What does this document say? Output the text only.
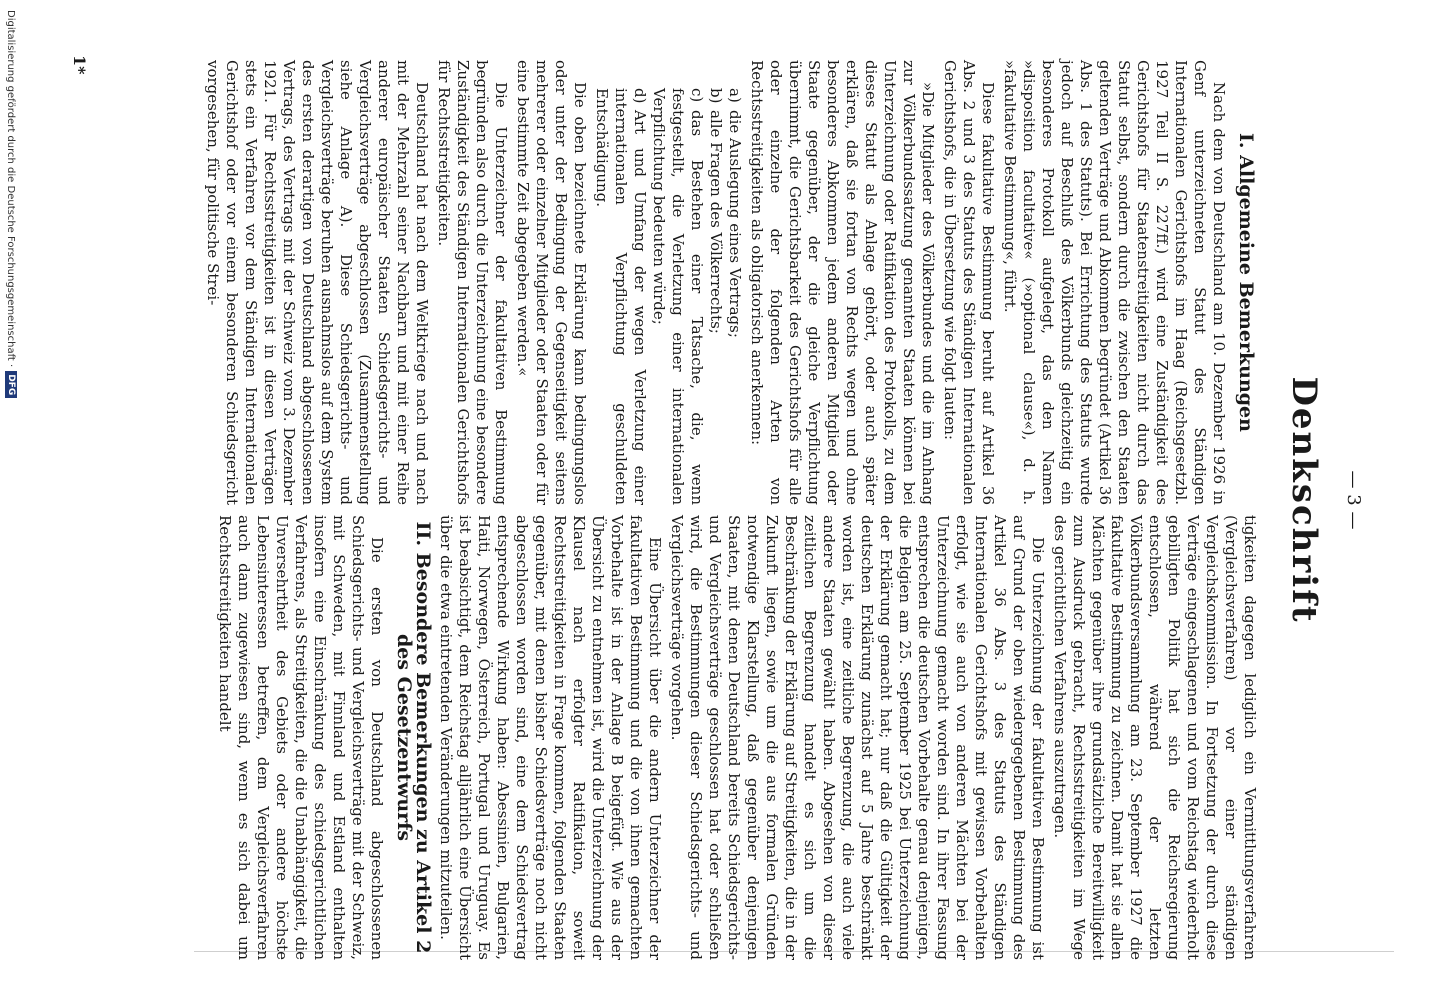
— 3 —
Denkschrift
I. Allgemeine Bemerkungen

Nach dem von Deutschland am 10. Dezember 1926 in Genf unterzeichneten Statut des Ständigen Internationalen Gerichtshofs im Haag (Reichsgesetzbl. 1927 Teil II S. 227ff.) wird eine Zuständigkeit des Gerichtshofs für Staatenstreitigkeiten nicht durch das Statut selbst, sondern durch die zwischen den Staaten geltenden Verträge und Abkommen begründet (Artikel 36 Abs. 1 des Statuts). Bei Errichtung des Statuts wurde jedoch auf Beschluß des Völkerbunds gleichzeitig ein besonderes Protokoll aufgelegt, das den Namen »disposition facultative« (»optional clause«), d. h. »fakultative Bestimmung«, führt.

Diese fakultative Bestimmung beruht auf Artikel 36 Abs. 2 und 3 des Statuts des Ständigen Internationalen Gerichtshofs, die in Übersetzung wie folgt lauten:

»Die Mitglieder des Völkerbundes und die im Anhang zur Völkerbundssatzung genannten Staaten können bei Unterzeichnung oder Ratifikation des Protokolls, zu dem dieses Statut als Anlage gehört, oder auch später erklären, daß sie fortan von Rechts wegen und ohne besonderes Abkommen jedem anderen Mitglied oder Staate gegenüber, der die gleiche Verpflichtung übernimmt, die Gerichtsbarkeit des Gerichtshofs für alle oder einzelne der folgenden Arten von Rechtsstreitigkeiten als obligatorisch anerkennen:

a)die Auslegung eines Vertrags;
b)alle Fragen des Völkerrechts;
c)das Bestehen einer Tatsache, die, wenn festgestellt, die Verletzung einer internationalen Verpflichtung bedeuten würde;
d)Art und Umfang der wegen Verletzung einer internationalen Verpflichtung geschuldeten Entschädigung.

Die oben bezeichnete Erklärung kann bedingungslos oder unter der Bedingung der Gegenseitigkeit seitens mehrerer oder einzelner Mitglieder oder Staaten oder für eine bestimmte Zeit abgegeben werden.«

Die Unterzeichner der fakultativen Bestimmung begründen also durch die Unterzeichnung eine besondere Zuständigkeit des Ständigen Internationalen Gerichtshofs für Rechtsstreitigkeiten.

Deutschland hat nach dem Weltkriege nach und nach mit der Mehrzahl seiner Nachbarn und mit einer Reihe anderer europäischer Staaten Schiedsgerichts- und Vergleichsverträge abgeschlossen (Zusammenstellung siehe Anlage A). Diese Schiedsgerichts- und Vergleichsverträge beruhen ausnahmslos auf dem System des ersten derartigen von Deutschland abgeschlossenen Vertrags, des Vertrags mit der Schweiz vom 3. Dezember 1921. Für Rechtsstreitigkeiten ist in diesen Verträgen stets ein Verfahren vor dem Ständigen Internationalen Gerichtshof oder vor einem besonderen Schiedsgericht vorgesehen, für politische Strei-

tigkeiten dagegen lediglich ein Vermittlungsverfahren (Vergleichsverfahren) vor einer ständigen Vergleichskommission. In Fortsetzung der durch diese Verträge eingeschlagenen und vom Reichstag wiederholt gebilligten Politik hat sich die Reichsregierung entschlossen, während der letzten Völkerbundsversammlung am 23. September 1927 die fakultative Bestimmung zu zeichnen. Damit hat sie allen Mächten gegenüber ihre grundsätzliche Bereitwilligkeit zum Ausdruck gebracht, Rechtsstreitigkeiten im Wege des gerichtlichen Verfahrens auszutragen.

Die Unterzeichnung der fakultativen Bestimmung ist auf Grund der oben wiedergegebenen Bestimmung des Artikel 36 Abs. 3 des Statuts des Ständigen Internationalen Gerichtshofs mit gewissen Vorbehalten erfolgt, wie sie auch von anderen Mächten bei der Unterzeichnung gemacht worden sind. In ihrer Fassung entsprechen die deutschen Vorbehalte genau denjenigen, die Belgien am 25. September 1925 bei Unterzeichnung der Erklärung gemacht hat; nur daß die Gültigkeit der deutschen Erklärung zunächst auf 5 Jahre beschränkt worden ist, eine zeitliche Begrenzung, die auch viele andere Staaten gewählt haben. Abgesehen von dieser zeitlichen Begrenzung handelt es sich um die Beschränkung der Erklärung auf Streitigkeiten, die in der Zukunft liegen, sowie um die aus formalen Gründen notwendige Klarstellung, daß gegenüber denjenigen Staaten, mit denen Deutschland bereits Schiedsgerichts- und Vergleichsverträge geschlossen hat oder schließen wird, die Bestimmungen dieser Schiedsgerichts- und Vergleichsverträge vorgehen.

Eine Übersicht über die andern Unterzeichner der fakultativen Bestimmung und die von ihnen gemachten Vorbehalte ist in der Anlage B beigefügt. Wie aus der Übersicht zu entnehmen ist, wird die Unterzeichnung der Klausel nach erfolgter Ratifikation, soweit Rechtsstreitigkeiten in Frage kommen, folgenden Staaten gegenüber, mit denen bisher Schiedsverträge noch nicht abgeschlossen worden sind, eine dem Schiedsvertrag entsprechende Wirkung haben: Abessinien, Bulgarien, Haiti, Norwegen, Österreich, Portugal und Uruguay. Es ist beabsichtigt, dem Reichstag alljährlich eine Übersicht über die etwa eintretenden Veränderungen mitzuteilen.

II. Besondere Bemerkungen zu Artikel 2
des Gesetzentwurfs

Die ersten von Deutschland abgeschlossenen Schiedsgerichts- und Vergleichsverträge mit der Schweiz, mit Schweden, mit Finnland und Estland enthalten insofern eine Einschränkung des schiedsgerichtlichen Verfahrens, als Streitigkeiten, die die Unabhängigkeit, die Unversehrtheit des Gebiets oder andere höchste Lebensinteressen betreffen, dem Vergleichsverfahren auch dann zugewiesen sind, wenn es sich dabei um Rechtsstreitigkeiten handelt

1*
Digitalisierung gefördert durch die Deutsche Forschungsgemeinschaft ·
DFG
